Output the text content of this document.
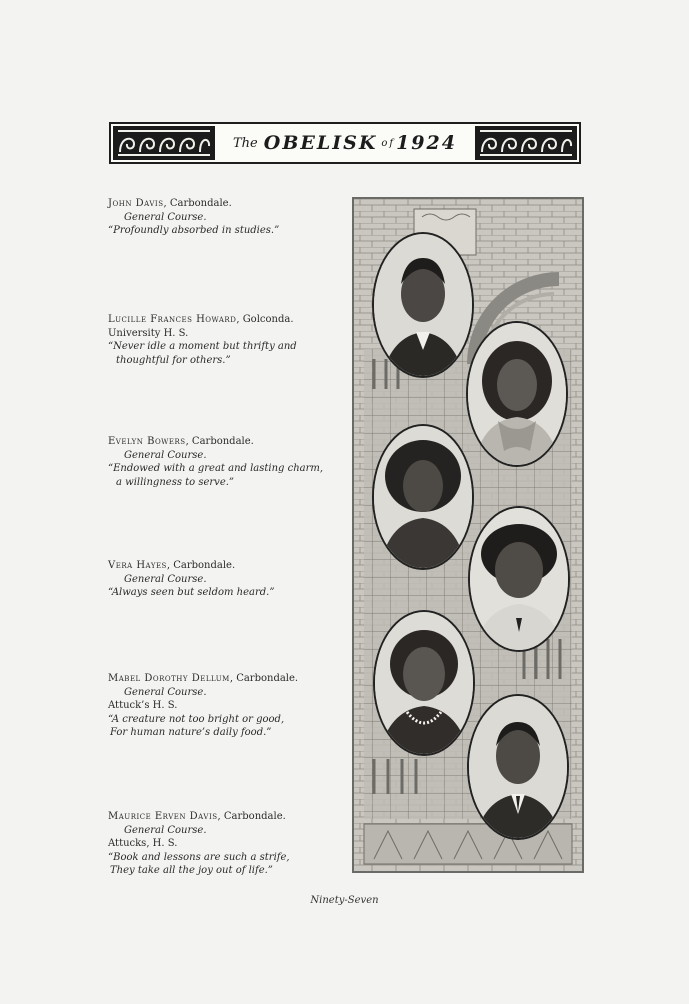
The OBELISK of 1924
John Davis, Carbondale.
General Course.
“Profoundly absorbed in studies.”
Lucille Frances Howard, Golconda.
University H. S.
“Never idle a moment but thrifty and
thoughtful for others.”
Evelyn Bowers, Carbondale.
General Course.
“Endowed with a great and lasting charm,
a willingness to serve.”
Vera Hayes, Carbondale.
General Course.
“Always seen but seldom heard.”
Mabel Dorothy Dellum, Carbondale.
General Course.
Attuck’s H. S.
“A creature not too bright or good,
For human nature’s daily food.”
Maurice Erven Davis, Carbondale.
General Course.
Attucks, H. S.
“Book and lessons are such a strife,
They take all the joy out of life.”
Ninety-Seven
